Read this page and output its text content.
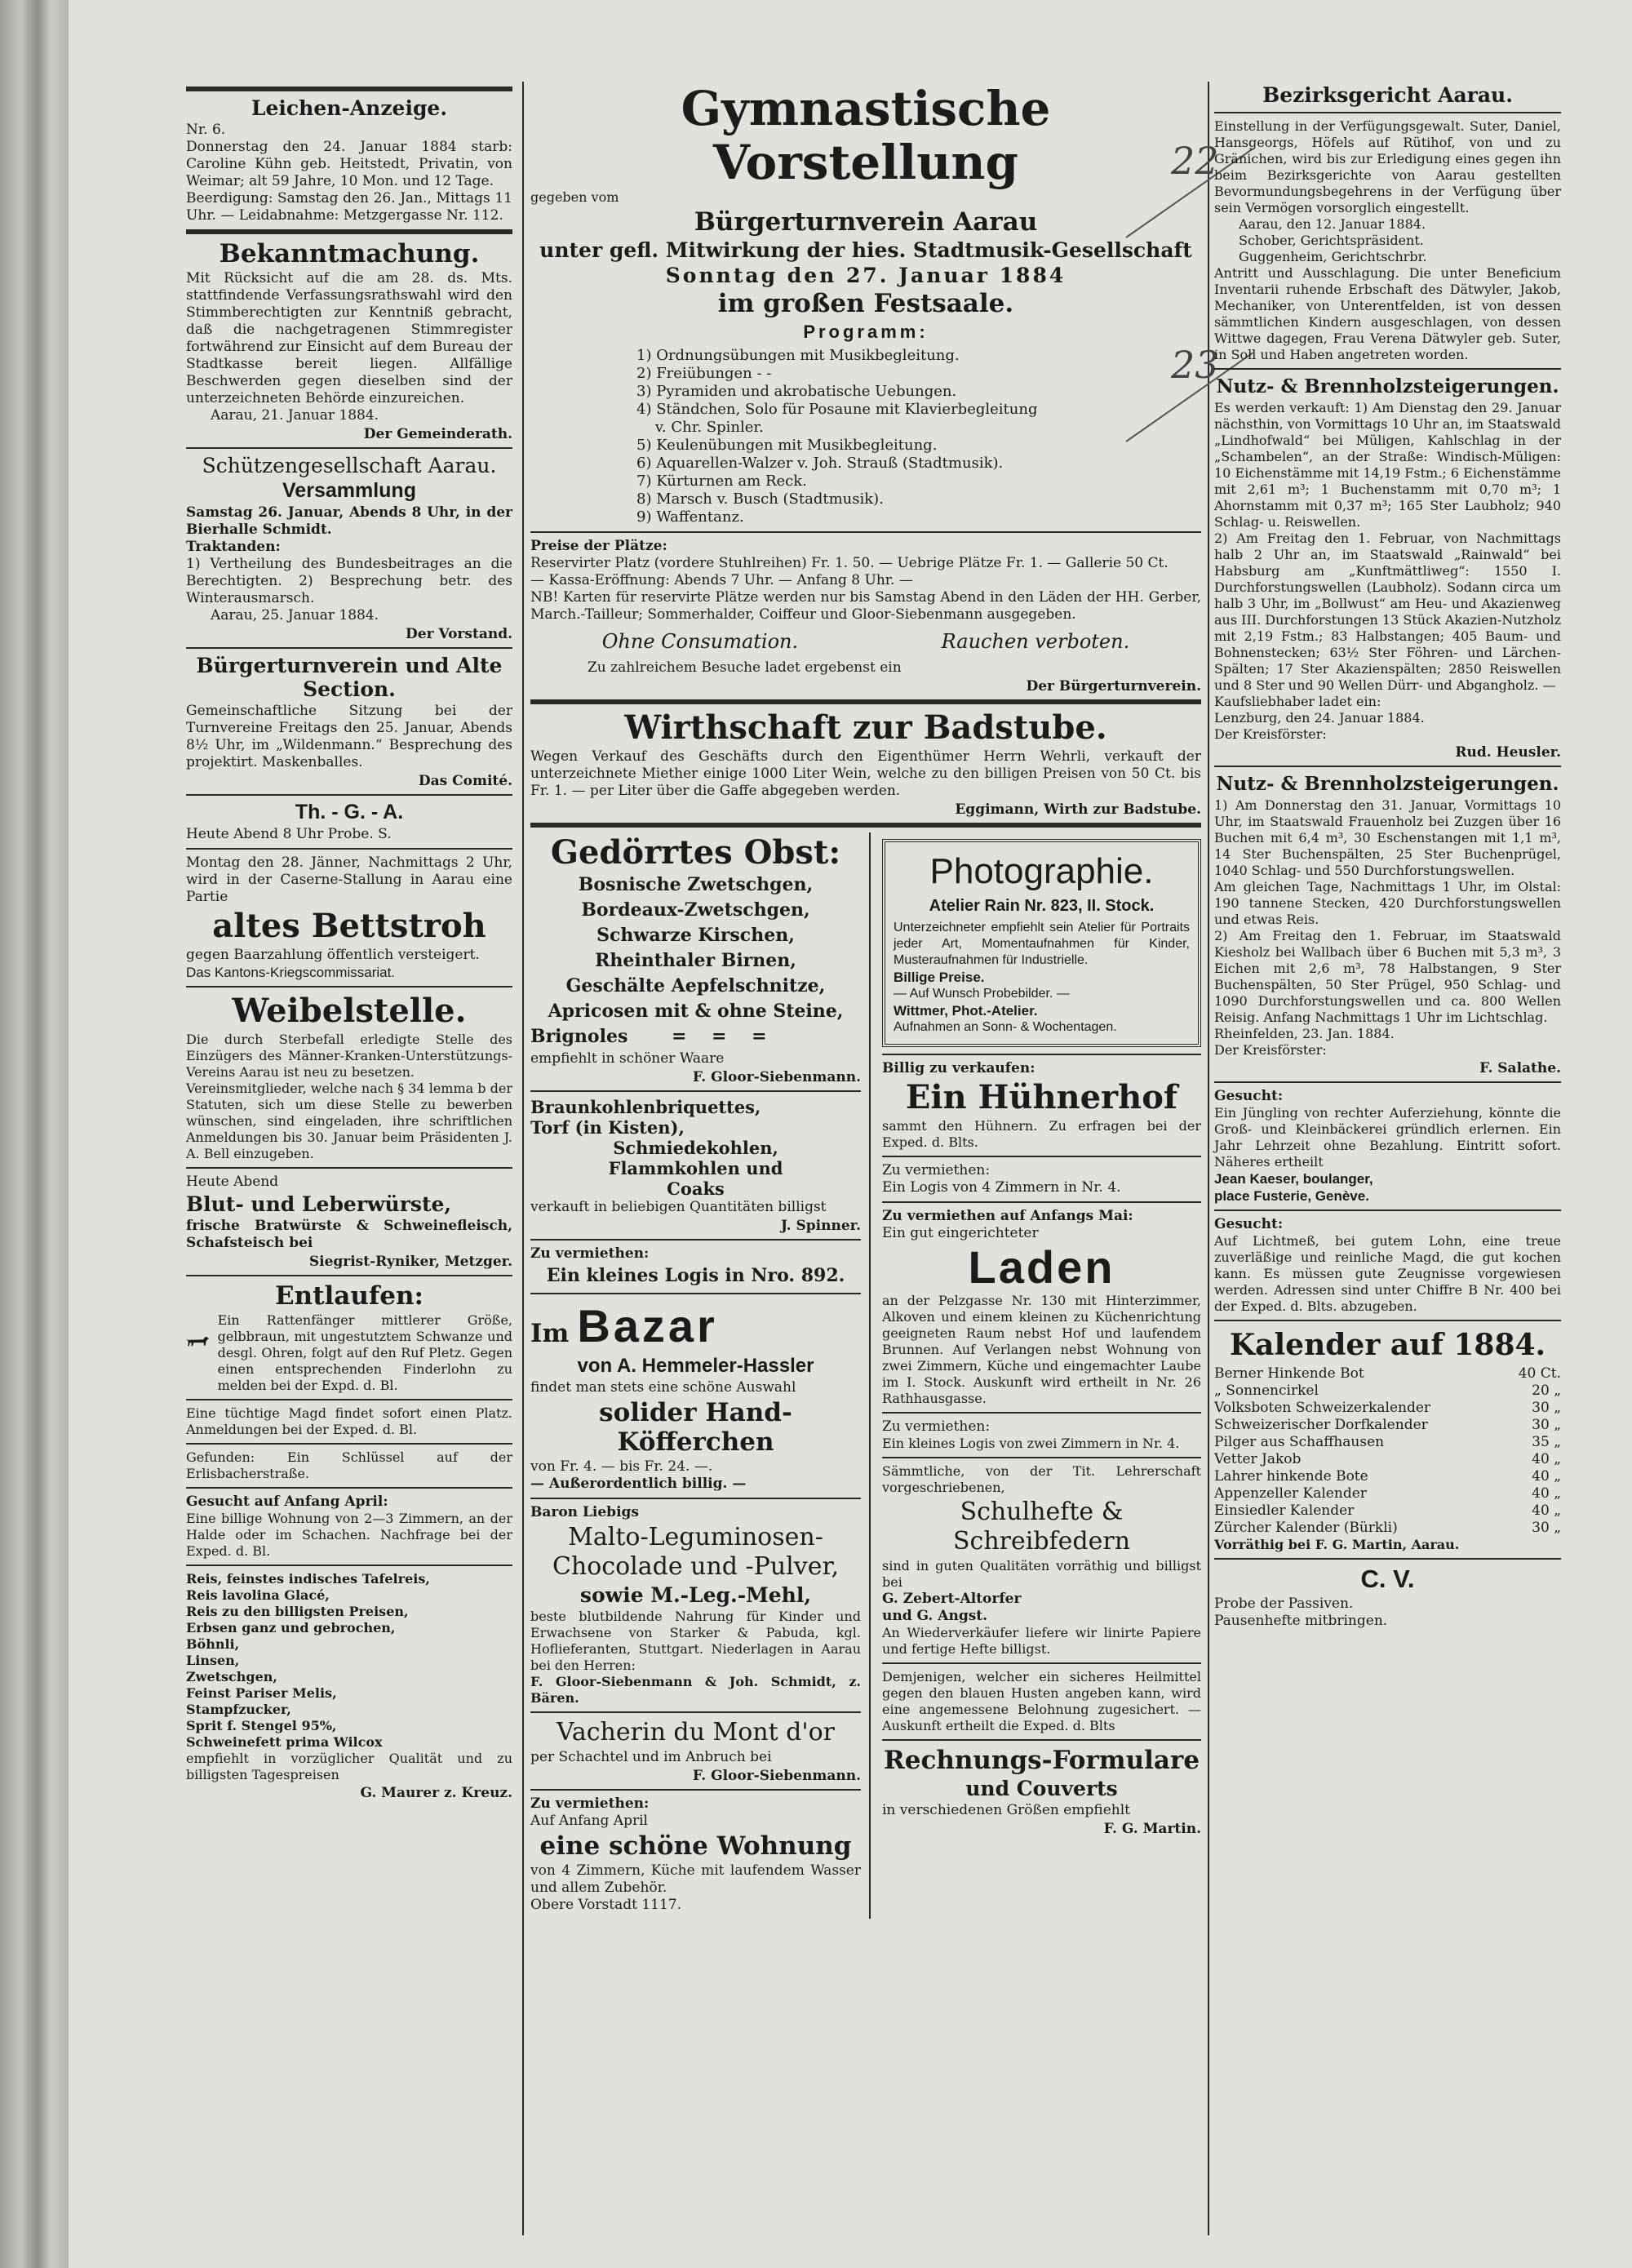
22
23
Leichen-Anzeige.

Nr. 6.

Donnerstag den 24. Januar 1884 starb: Caroline Kühn geb. Heitstedt, Privatin, von Weimar; alt 59 Jahre, 10 Mon. und 12 Tage.

Beerdigung: Samstag den 26. Jan., Mittags 11 Uhr. — Leidabnahme: Metzgergasse Nr. 112.

Bekanntmachung.

Mit Rücksicht auf die am 28. ds. Mts. stattfindende Verfassungsrathswahl wird den Stimmberechtigten zur Kenntniß gebracht, daß die nachgetragenen Stimmregister fortwährend zur Einsicht auf dem Bureau der Stadtkasse bereit liegen. Allfällige Beschwerden gegen dieselben sind der unterzeichneten Behörde einzureichen.

Aarau, 21. Januar 1884.

Der Gemeinderath.

Schützengesellschaft Aarau.
Versammlung

Samstag 26. Januar, Abends 8 Uhr, in der Bierhalle Schmidt.

Traktanden:

1) Vertheilung des Bundesbeitrages an die Berechtigten. 2) Besprechung betr. des Winterausmarsch.

Aarau, 25. Januar 1884.

Der Vorstand.

Bürgerturnverein und Alte Section.

Gemeinschaftliche Sitzung bei der Turnvereine Freitags den 25. Januar, Abends 8½ Uhr, im „Wildenmann.“ Besprechung des projektirt. Maskenballes.

Das Comité.

Th. - G. - A.

Heute Abend 8 Uhr Probe. S.

Montag den 28. Jänner, Nachmittags 2 Uhr, wird in der Caserne-Stallung in Aarau eine Partie

altes Bettstroh

gegen Baarzahlung öffentlich versteigert.

Das Kantons-Kriegscommissariat.

Weibelstelle.

Die durch Sterbefall erledigte Stelle des Einzügers des Männer-Kranken-Unterstützungs-Vereins Aarau ist neu zu besetzen.

Vereinsmitglieder, welche nach § 34 lemma b der Statuten, sich um diese Stelle zu bewerben wünschen, sind eingeladen, ihre schriftlichen Anmeldungen bis 30. Januar beim Präsidenten J. A. Bell einzugeben.

Heute Abend

Blut- und Leberwürste,

frische Bratwürste & Schweinefleisch, Schafsteisch bei

Siegrist-Ryniker, Metzger.

Entlaufen:

Ein Rattenfänger mittlerer Größe, gelbbraun, mit ungestutztem Schwanze und desgl. Ohren, folgt auf den Ruf Pletz. Gegen einen entsprechenden Finderlohn zu melden bei der Expd. d. Bl.

Eine tüchtige Magd findet sofort einen Platz. Anmeldungen bei der Exped. d. Bl.

Gefunden: Ein Schlüssel auf der Erlisbacherstraße.

Gesucht auf Anfang April:

Eine billige Wohnung von 2—3 Zimmern, an der Halde oder im Schachen. Nachfrage bei der Exped. d. Bl.

Reis, feinstes indisches Tafelreis,
Reis lavolina Glacé,
Reis zu den billigsten Preisen,
Erbsen ganz und gebrochen,
Böhnli,
Linsen,
Zwetschgen,
Feinst Pariser Melis,
Stampfzucker,
Sprit f. Stengel 95%,
Schweinefett prima Wilcox

empfiehlt in vorzüglicher Qualität und zu billigsten Tagespreisen

G. Maurer z. Kreuz.

Gymnastische Vorstellung

gegeben vom

Bürgerturnverein Aarau
unter gefl. Mitwirkung der hies. Stadtmusik-Gesellschaft
Sonntag den 27. Januar 1884
im großen Festsaale.
Programm:
1) Ordnungsübungen mit Musikbegleitung.
2) Freiübungen - -
3) Pyramiden und akrobatische Uebungen.
4) Ständchen, Solo für Posaune mit Klavierbegleitung
v. Chr. Spinler.
5) Keulenübungen mit Musikbegleitung.
6) Aquarellen-Walzer v. Joh. Strauß (Stadtmusik).
7) Kürturnen am Reck.
8) Marsch v. Busch (Stadtmusik).
9) Waffentanz.

Preise der Plätze:

Reservirter Platz (vordere Stuhlreihen) Fr. 1. 50. — Uebrige Plätze Fr. 1. — Gallerie 50 Ct.

— Kassa-Eröffnung: Abends 7 Uhr. — Anfang 8 Uhr. —

NB! Karten für reservirte Plätze werden nur bis Samstag Abend in den Läden der HH. Gerber, March.-Tailleur; Sommerhalder, Coiffeur und Gloor-Siebenmann ausgegeben.

Ohne Consumation.	Rauchen verboten.

Zu zahlreichem Besuche ladet ergebenst ein

Der Bürgerturnverein.

Wirthschaft zur Badstube.

Wegen Verkauf des Geschäfts durch den Eigenthümer Herrn Wehrli, verkauft der unterzeichnete Miether einige 1000 Liter Wein, welche zu den billigen Preisen von 50 Ct. bis Fr. 1. — per Liter über die Gaffe abgegeben werden.

Eggimann, Wirth zur Badstube.

Gedörrtes Obst:
Bosnische Zwetschgen,
Bordeaux-Zwetschgen,
Schwarze Kirschen,
Rheinthaler Birnen,
Geschälte Aepfelschnitze,
Apricosen mit & ohne Steine,
Brignoles       =    =    =

empfiehlt in schöner Waare

F. Gloor-Siebenmann.

Braunkohlenbriquettes,
Torf (in Kisten),
Schmiedekohlen,
Flammkohlen und
Coaks

verkauft in beliebigen Quantitäten billigst

J. Spinner.

Zu vermiethen:

Ein kleines Logis in Nro. 892.
Im Bazar
von A. Hemmeler-Hassler

findet man stets eine schöne Auswahl

solider Hand-Köfferchen

von Fr. 4. — bis Fr. 24. —.

— Außerordentlich billig. —

Baron Liebigs

Malto-Leguminosen-Chocolade und -Pulver,
sowie M.-Leg.-Mehl,

beste blutbildende Nahrung für Kinder und Erwachsene von Starker & Pabuda, kgl. Hoflieferanten, Stuttgart. Niederlagen in Aarau bei den Herren:

F. Gloor-Siebenmann & Joh. Schmidt, z. Bären.

Vacherin du Mont d'or

per Schachtel und im Anbruch bei

F. Gloor-Siebenmann.

Zu vermiethen:

Auf Anfang April

eine schöne Wohnung

von 4 Zimmern, Küche mit laufendem Wasser und allem Zubehör.

Obere Vorstadt 1117.

Photographie.
Atelier Rain Nr. 823, II. Stock.

Unterzeichneter empfiehlt sein Atelier für Portraits jeder Art, Momentaufnahmen für Kinder, Musteraufnahmen für Industrielle.

Billige Preise.

— Auf Wunsch Probebilder. —

Wittmer, Phot.-Atelier.

Aufnahmen an Sonn- & Wochentagen.

Billig zu verkaufen:

Ein Hühnerhof

sammt den Hühnern. Zu erfragen bei der Exped. d. Blts.

Zu vermiethen:

Ein Logis von 4 Zimmern in Nr. 4.

Zu vermiethen auf Anfangs Mai:

Ein gut eingerichteter

Laden

an der Pelzgasse Nr. 130 mit Hinterzimmer, Alkoven und einem kleinen zu Küchenrichtung geeigneten Raum nebst Hof und laufendem Brunnen. Auf Verlangen nebst Wohnung von zwei Zimmern, Küche und eingemachter Laube im I. Stock. Auskunft wird ertheilt in Nr. 26 Rathhausgasse.

Zu vermiethen:

Ein kleines Logis von zwei Zimmern in Nr. 4.

Sämmtliche, von der Tit. Lehrerschaft vorgeschriebenen,

Schulhefte & Schreibfedern

sind in guten Qualitäten vorräthig und billigst bei

G. Zebert-Altorfer

und G. Angst.

An Wiederverkäufer liefere wir linirte Papiere und fertige Hefte billigst.

Demjenigen, welcher ein sicheres Heilmittel gegen den blauen Husten angeben kann, wird eine angemessene Belohnung zugesichert. — Auskunft ertheilt die Exped. d. Blts

Rechnungs-Formulare
und Couverts

in verschiedenen Größen empfiehlt

F. G. Martin.

Bezirksgericht Aarau.

Einstellung in der Verfügungsgewalt. Suter, Daniel, Hansgeorgs, Höfels auf Rütihof, von und zu Gränichen, wird bis zur Erledigung eines gegen ihn beim Bezirksgerichte von Aarau gestellten Bevormundungsbegehrens in der Verfügung über sein Vermögen vorsorglich eingestellt.

Aarau, den 12. Januar 1884.

Schober, Gerichtspräsident.

Guggenheim, Gerichtschrbr.

Antritt und Ausschlagung. Die unter Beneficium Inventarii ruhende Erbschaft des Dätwyler, Jakob, Mechaniker, von Unterentfelden, ist von dessen sämmtlichen Kindern ausgeschlagen, von dessen Wittwe dagegen, Frau Verena Dätwyler geb. Suter, in Soll und Haben angetreten worden.

Nutz- & Brennholzsteigerungen.

Es werden verkauft: 1) Am Dienstag den 29. Januar nächsthin, von Vormittags 10 Uhr an, im Staatswald „Lindhofwald“ bei Müligen, Kahlschlag in der „Schambelen“, an der Straße: Windisch-Müligen: 10 Eichenstämme mit 14,19 Fstm.; 6 Eichenstämme mit 2,61 m³; 1 Buchenstamm mit 0,70 m³; 1 Ahornstamm mit 0,37 m³; 165 Ster Laubholz; 940 Schlag- u. Reiswellen.

2) Am Freitag den 1. Februar, von Nachmittags halb 2 Uhr an, im Staatswald „Rainwald“ bei Habsburg am „Kunftmättliweg“: 1550 I. Durchforstungswellen (Laubholz). Sodann circa um halb 3 Uhr, im „Bollwust“ am Heu- und Akazienweg aus III. Durchforstungen 13 Stück Akazien-Nutzholz mit 2,19 Fstm.; 83 Halbstangen; 405 Baum- und Bohnenstecken; 63½ Ster Föhren- und Lärchen-Spälten; 17 Ster Akazienspälten; 2850 Reiswellen und 8 Ster und 90 Wellen Dürr- und Abgangholz. —

Kaufsliebhaber ladet ein:

Lenzburg, den 24. Januar 1884.

Der Kreisförster:

Rud. Heusler.

Nutz- & Brennholzsteigerungen.

1) Am Donnerstag den 31. Januar, Vormittags 10 Uhr, im Staatswald Frauenholz bei Zuzgen über 16 Buchen mit 6,4 m³, 30 Eschenstangen mit 1,1 m³, 14 Ster Buchenspälten, 25 Ster Buchenprügel, 1040 Schlag- und 550 Durchforstungswellen.

Am gleichen Tage, Nachmittags 1 Uhr, im Olstal: 190 tannene Stecken, 420 Durchforstungswellen und etwas Reis.

2) Am Freitag den 1. Februar, im Staatswald Kiesholz bei Wallbach über 6 Buchen mit 5,3 m³, 3 Eichen mit 2,6 m³, 78 Halbstangen, 9 Ster Buchenspälten, 50 Ster Prügel, 950 Schlag- und 1090 Durchforstungswellen und ca. 800 Wellen Reisig. Anfang Nachmittags 1 Uhr im Lichtschlag.

Rheinfelden, 23. Jan. 1884.

Der Kreisförster:

F. Salathe.

Gesucht:

Ein Jüngling von rechter Auferziehung, könnte die Groß- und Kleinbäckerei gründlich erlernen. Ein Jahr Lehrzeit ohne Bezahlung. Eintritt sofort. Näheres ertheilt

Jean Kaeser, boulanger,

place Fusterie, Genève.

Gesucht:

Auf Lichtmeß, bei gutem Lohn, eine treue zuverläßige und reinliche Magd, die gut kochen kann. Es müssen gute Zeugnisse vorgewiesen werden. Adressen sind unter Chiffre B Nr. 400 bei der Exped. d. Blts. abzugeben.

Kalender auf 1884.
Berner Hinkende Bot	40 Ct.
„ Sonnencirkel	20 „
Volksboten Schweizerkalender	30 „
Schweizerischer Dorfkalender	30 „
Pilger aus Schaffhausen	35 „
Vetter Jakob	40 „
Lahrer hinkende Bote	40 „
Appenzeller Kalender	40 „
Einsiedler Kalender	40 „
Zürcher Kalender (Bürkli)	30 „

Vorräthig bei F. G. Martin, Aarau.

C. V.

Probe der Passiven.

Pausenhefte mitbringen.
